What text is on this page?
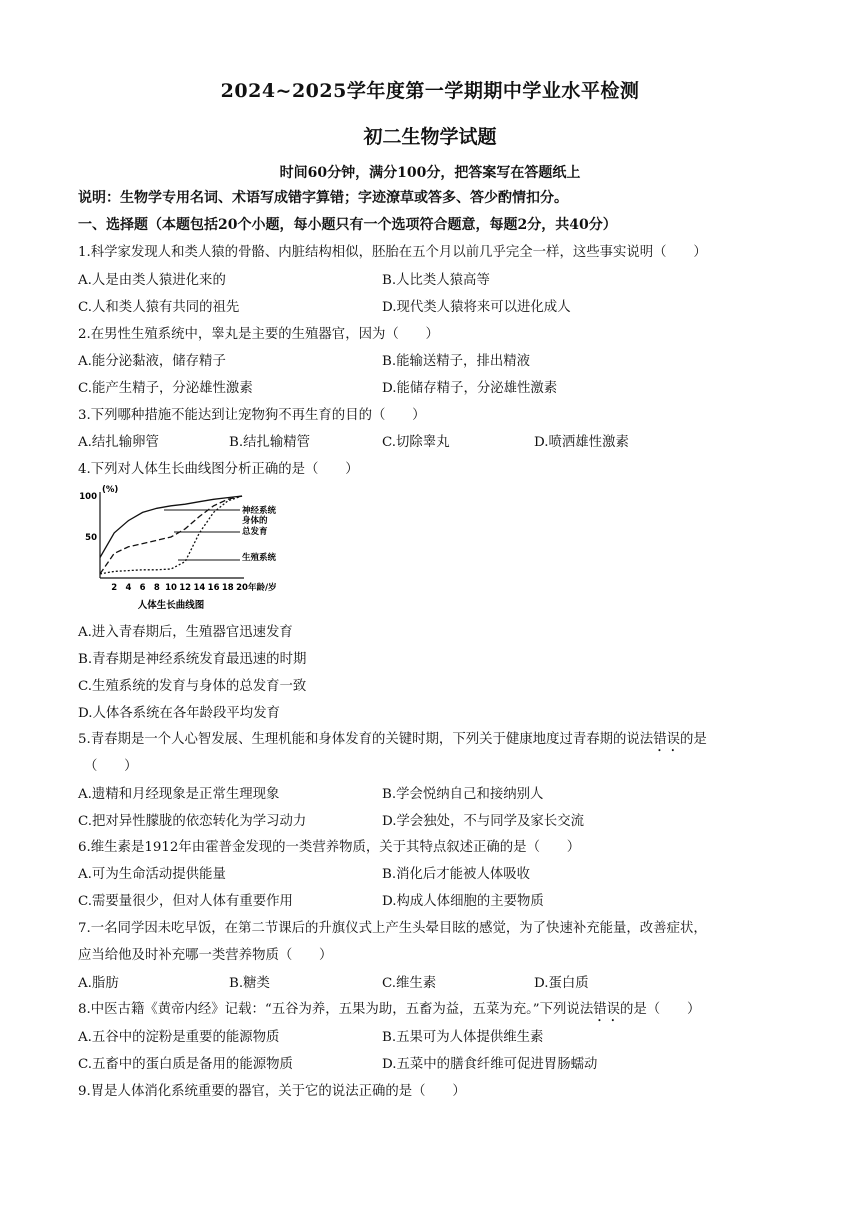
2024~2025学年度第一学期期中学业水平检测
初二生物学试题
时间60分钟，满分100分，把答案写在答题纸上
说明：生物学专用名词、术语写成错字算错；字迹潦草或答多、答少酌情扣分。
一、选择题（本题包括20个小题，每小题只有一个选项符合题意，每题2分，共40分）
1.科学家发现人和类人猿的骨骼、内脏结构相似，胚胎在五个月以前几乎完全一样，这些事实说明（　　）
A.人是由类人猿进化来的	B.人比类人猿高等
C.人和类人猿有共同的祖先	D.现代类人猿将来可以进化成人
2.在男性生殖系统中，睾丸是主要的生殖器官，因为（　　）
A.能分泌黏液，储存精子	B.能输送精子，排出精液
C.能产生精子，分泌雄性激素	D.能储存精子，分泌雄性激素
3.下列哪种措施不能达到让宠物狗不再生育的目的（　　）
A.结扎输卵管	B.结扎输精管	C.切除睾丸	D.喷洒雄性激素
4.下列对人体生长曲线图分析正确的是（　　）
2 4 6 8 10 12 14 16 18 20 年龄/岁
50
100
(%)
人体生长曲线图
神经系统
身体的
总发育
生殖系统
A.进入青春期后，生殖器官迅速发育
B.青春期是神经系统发育最迅速的时期
C.生殖系统的发育与身体的总发育一致
D.人体各系统在各年龄段平均发育
5.青春期是一个人心智发展、生理机能和身体发育的关键时期，下列关于健康地度过青春期的说法错误的是
（　　）
A.遗精和月经现象是正常生理现象	B.学会悦纳自己和接纳别人
C.把对异性朦胧的依恋转化为学习动力	D.学会独处，不与同学及家长交流
6.维生素是1912年由霍普金发现的一类营养物质，关于其特点叙述正确的是（　　）
A.可为生命活动提供能量	B.消化后才能被人体吸收
C.需要量很少，但对人体有重要作用	D.构成人体细胞的主要物质
7.一名同学因未吃早饭，在第二节课后的升旗仪式上产生头晕目眩的感觉，为了快速补充能量，改善症状，
应当给他及时补充哪一类营养物质（　　）
A.脂肪	B.糖类	C.维生素	D.蛋白质
8.中医古籍《黄帝内经》记载：“五谷为养，五果为助，五畜为益，五菜为充。”下列说法错误的是（　　）
A.五谷中的淀粉是重要的能源物质	B.五果可为人体提供维生素
C.五畜中的蛋白质是备用的能源物质	D.五菜中的膳食纤维可促进胃肠蠕动
9.胃是人体消化系统重要的器官，关于它的说法正确的是（　　）
